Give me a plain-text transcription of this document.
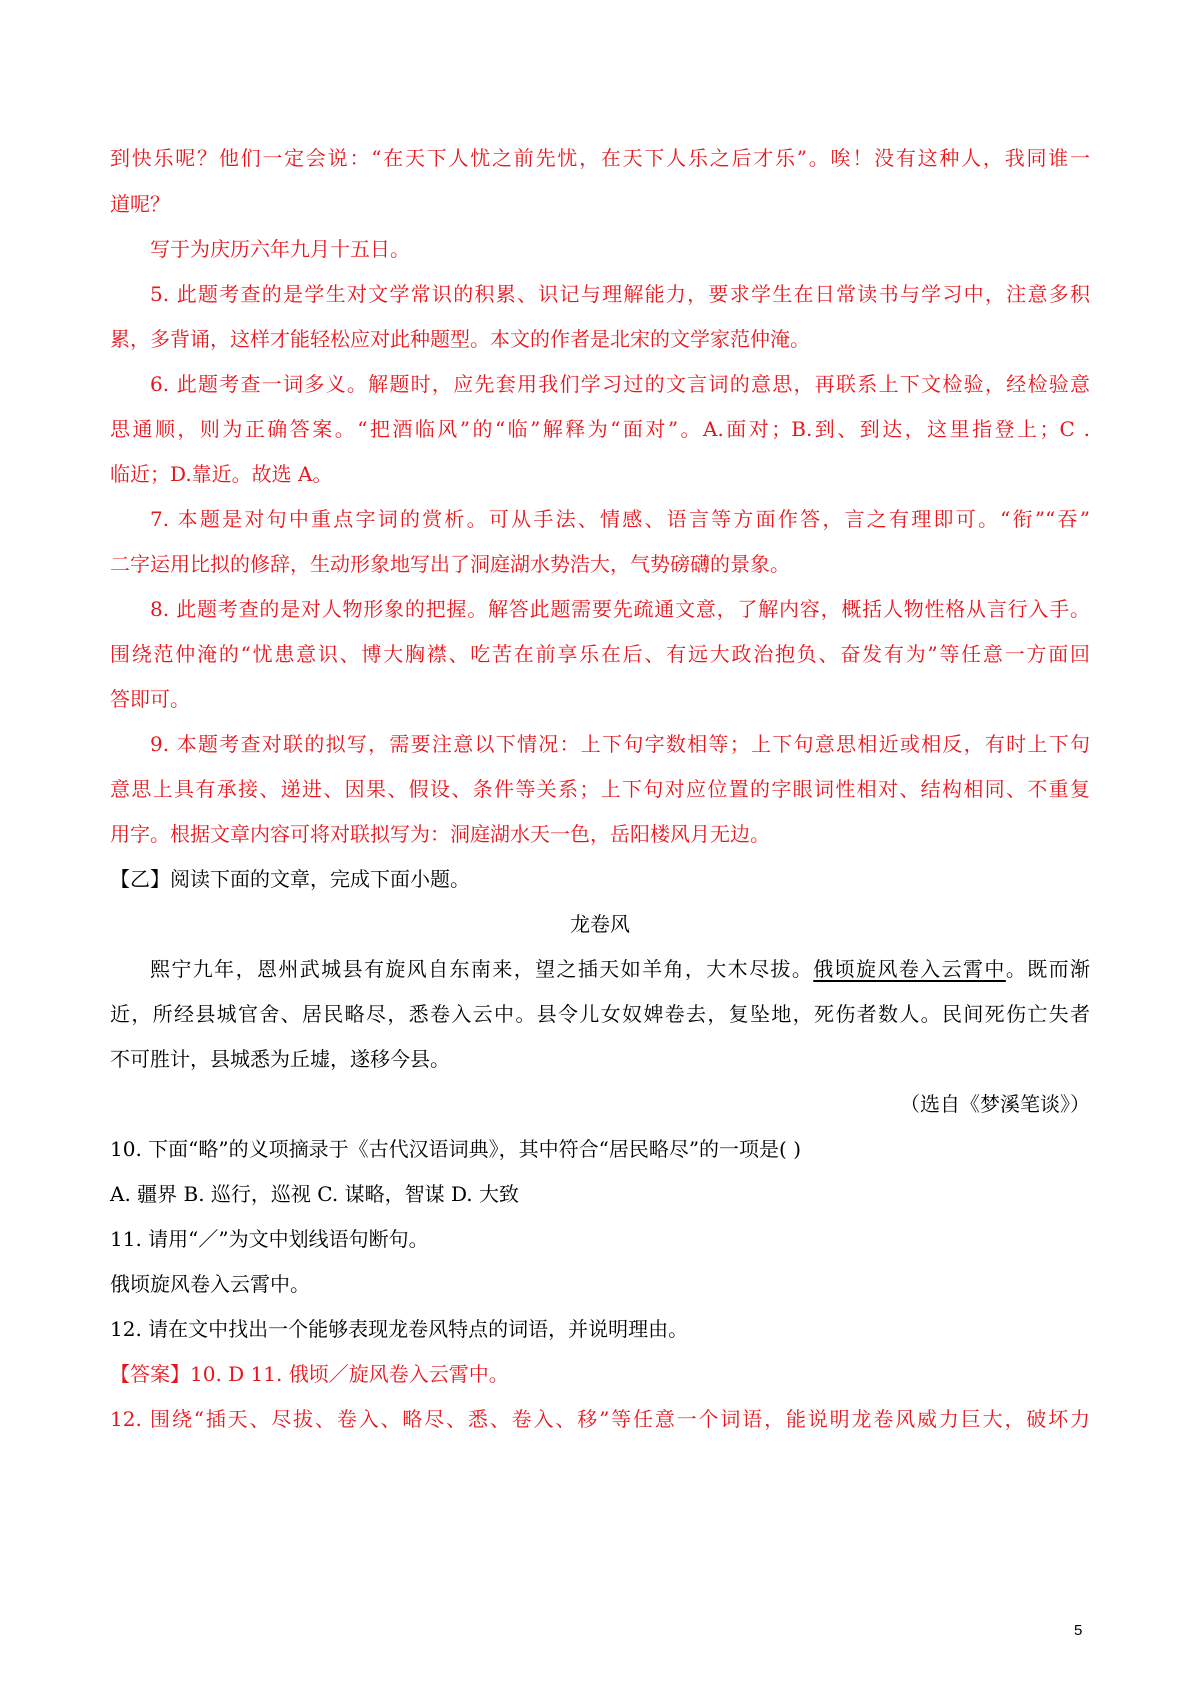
到快乐呢？他们一定会说：“在天下人忧之前先忧，在天下人乐之后才乐”。唉！没有这种人，我同谁一
道呢？
写于为庆历六年九月十五日。
5. 此题考查的是学生对文学常识的积累、识记与理解能力，要求学生在日常读书与学习中，注意多积
累，多背诵，这样才能轻松应对此种题型。本文的作者是北宋的文学家范仲淹。
6. 此题考查一词多义。解题时，应先套用我们学习过的文言词的意思，再联系上下文检验，经检验意
思通顺，则为正确答案。“把酒临风”的“临”解释为“面对”。A.面对；B.到、到达，这里指登上；C .
临近；D.靠近。故选 A。
7. 本题是对句中重点字词的赏析。可从手法、情感、语言等方面作答，言之有理即可。“衔”“吞”
二字运用比拟的修辞，生动形象地写出了洞庭湖水势浩大，气势磅礴的景象。
8. 此题考查的是对人物形象的把握。解答此题需要先疏通文意，了解内容，概括人物性格从言行入手。
围绕范仲淹的“忧患意识、博大胸襟、吃苦在前享乐在后、有远大政治抱负、奋发有为”等任意一方面回
答即可。
9. 本题考查对联的拟写，需要注意以下情况：上下句字数相等；上下句意思相近或相反，有时上下句
意思上具有承接、递进、因果、假设、条件等关系；上下句对应位置的字眼词性相对、结构相同、不重复
用字。根据文章内容可将对联拟写为：洞庭湖水天一色，岳阳楼风月无边。
【乙】阅读下面的文章，完成下面小题。
龙卷风
熙宁九年，恩州武城县有旋风自东南来，望之插天如羊角，大木尽拔。俄顷旋风卷入云霄中。既而渐
近，所经县城官舍、居民略尽，悉卷入云中。县令儿女奴婢卷去，复坠地，死伤者数人。民间死伤亡失者
不可胜计，县城悉为丘墟，遂移今县。
（选自《梦溪笔谈》）
10. 下面“略”的义项摘录于《古代汉语词典》，其中符合“居民略尽”的一项是( )
A. 疆界 B. 巡行，巡视 C. 谋略，智谋 D. 大致
11. 请用“／”为文中划线语句断句。
俄顷旋风卷入云霄中。
12. 请在文中找出一个能够表现龙卷风特点的词语，并说明理由。
【答案】10. D 11. 俄顷／旋风卷入云霄中。
12. 围绕“插天、尽拔、卷入、略尽、悉、卷入、移”等任意一个词语，能说明龙卷风威力巨大，破坏力
5
